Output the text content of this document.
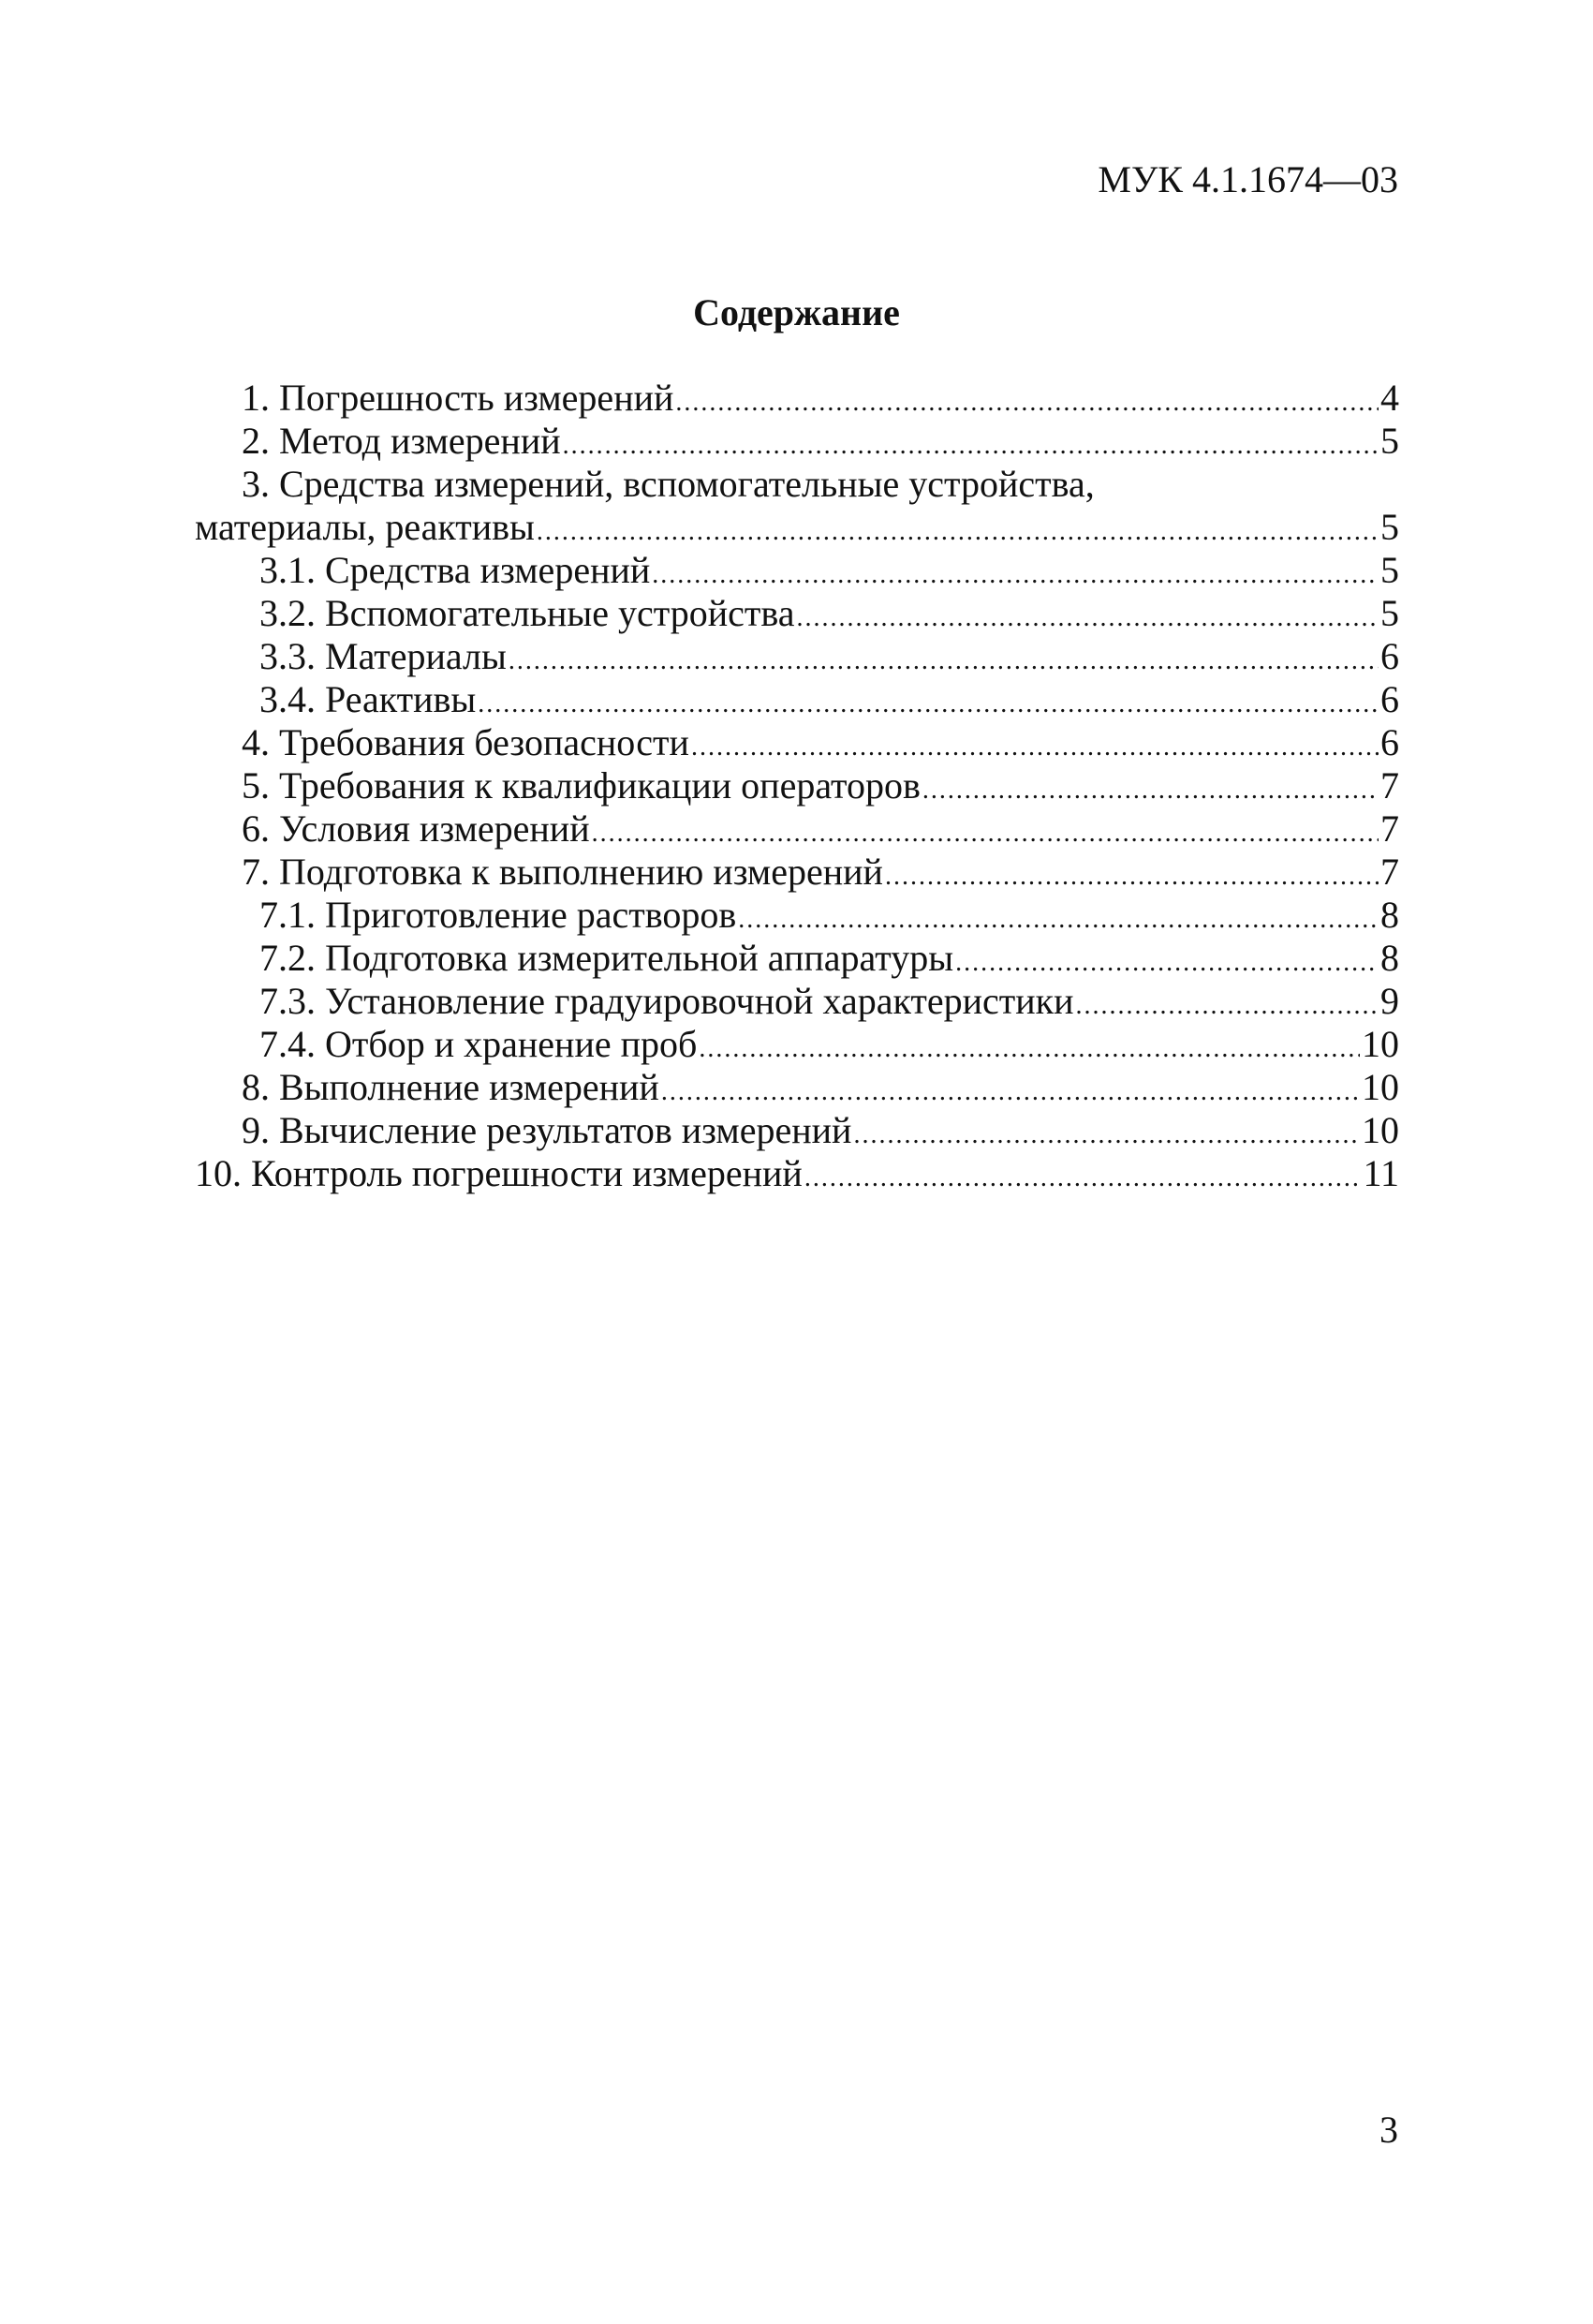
МУК 4.1.1674—03
Содержание
1. Погрешность измерений .....	4
2. Метод измерений .....	5
3. Средства измерений, вспомогательные устройства,
материалы, реактивы .....	5
3.1. Средства измерений .....	5
3.2. Вспомогательные устройства .....	5
3.3. Материалы .....	6
3.4. Реактивы .....	6
4. Требования безопасности .....	6
5. Требования к квалификации операторов .....	7
6. Условия измерений .....	7
7. Подготовка к выполнению измерений .....	7
7.1. Приготовление растворов .....	8
7.2. Подготовка измерительной аппаратуры .....	8
7.3. Установление градуировочной характеристики .....	9
7.4. Отбор и хранение проб .....	10
8. Выполнение измерений .....	10
9. Вычисление результатов измерений .....	10
10. Контроль погрешности измерений .....	11
3
